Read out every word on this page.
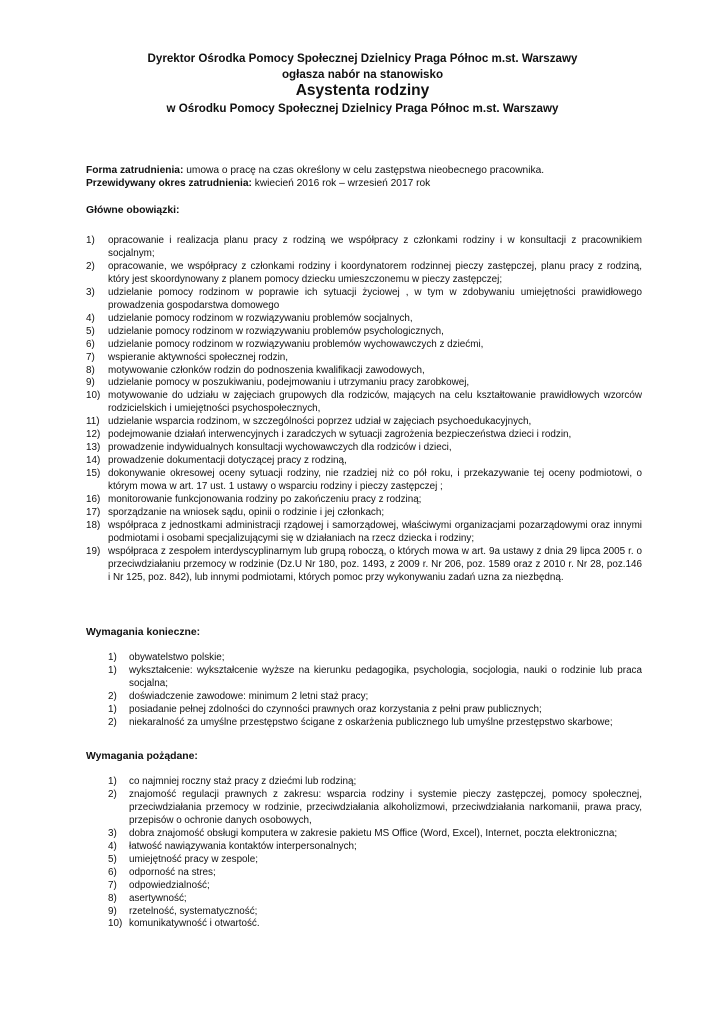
Dyrektor Ośrodka Pomocy Społecznej Dzielnicy Praga Północ m.st. Warszawy
ogłasza nabór na stanowisko
Asystenta rodziny
w Ośrodku Pomocy Społecznej Dzielnicy Praga Północ m.st. Warszawy
Forma zatrudnienia: umowa o pracę na czas określony w celu zastępstwa nieobecnego pracownika.
Przewidywany okres zatrudnienia: kwiecień 2016 rok – wrzesień 2017 rok
Główne obowiązki:
1) opracowanie i realizacja planu pracy z rodziną we współpracy z członkami rodziny i w konsultacji z pracownikiem socjalnym;
2) opracowanie, we współpracy z członkami rodziny i koordynatorem rodzinnej pieczy zastępczej, planu pracy z rodziną, który jest skoordynowany z planem pomocy dziecku umieszczonemu w pieczy zastępczej;
3) udzielanie pomocy rodzinom w poprawie ich sytuacji życiowej , w tym w zdobywaniu umiejętności prawidłowego prowadzenia gospodarstwa domowego
4) udzielanie pomocy rodzinom w rozwiązywaniu problemów socjalnych,
5) udzielanie pomocy rodzinom w rozwiązywaniu problemów psychologicznych,
6) udzielanie pomocy rodzinom w rozwiązywaniu problemów wychowawczych z dziećmi,
7) wspieranie aktywności społecznej rodzin,
8) motywowanie członków rodzin do podnoszenia kwalifikacji zawodowych,
9) udzielanie pomocy w poszukiwaniu, podejmowaniu i utrzymaniu pracy zarobkowej,
10) motywowanie do udziału w zajęciach grupowych dla rodziców, mających na celu kształtowanie prawidłowych wzorców rodzicielskich i umiejętności psychospołecznych,
11) udzielanie wsparcia rodzinom, w szczególności poprzez udział w zajęciach psychoedukacyjnych,
12) podejmowanie działań interwencyjnych i zaradczych w sytuacji zagrożenia bezpieczeństwa dzieci i rodzin,
13) prowadzenie indywidualnych konsultacji wychowawczych dla rodziców i dzieci,
14) prowadzenie dokumentacji dotyczącej pracy z rodziną,
15) dokonywanie okresowej oceny sytuacji rodziny, nie rzadziej niż co pół roku, i przekazywanie tej oceny podmiotowi, o którym mowa w art. 17 ust. 1 ustawy o wsparciu rodziny i pieczy zastępczej ;
16) monitorowanie funkcjonowania rodziny po zakończeniu pracy z rodziną;
17) sporządzanie na wniosek sądu, opinii o rodzinie i jej członkach;
18) współpraca z jednostkami administracji rządowej i samorządowej, właściwymi organizacjami pozarządowymi oraz innymi podmiotami i osobami specjalizującymi się w działaniach na rzecz dziecka i rodziny;
19) współpraca z zespołem interdyscyplinarnym lub grupą roboczą, o których mowa w art. 9a ustawy z dnia 29 lipca 2005 r. o przeciwdziałaniu przemocy w rodzinie (Dz.U Nr 180, poz. 1493, z 2009 r. Nr 206, poz. 1589 oraz z 2010 r. Nr 28, poz.146 i Nr 125, poz. 842), lub innymi podmiotami, których pomoc przy wykonywaniu zadań uzna za niezbędną.
Wymagania konieczne:
1) obywatelstwo polskie;
1) wykształcenie: wykształcenie wyższe na kierunku pedagogika, psychologia, socjologia, nauki o rodzinie lub praca socjalna;
2) doświadczenie zawodowe: minimum 2 letni staż pracy;
1) posiadanie pełnej zdolności do czynności prawnych oraz korzystania z pełni praw publicznych;
2) niekaralność za umyślne przestępstwo ścigane z oskarżenia publicznego lub umyślne przestępstwo skarbowe;
Wymagania pożądane:
1) co najmniej roczny staż pracy z dziećmi lub rodziną;
2) znajomość regulacji prawnych z zakresu: wsparcia rodziny i systemie pieczy zastępczej, pomocy społecznej, przeciwdziałania przemocy w rodzinie, przeciwdziałania alkoholizmowi, przeciwdziałania narkomanii, prawa pracy, przepisów o ochronie danych osobowych,
3) dobra znajomość obsługi komputera w zakresie pakietu MS Office (Word, Excel), Internet, poczta elektroniczna;
4) łatwość nawiązywania kontaktów interpersonalnych;
5) umiejętność pracy w zespole;
6) odporność na stres;
7) odpowiedzialność;
8) asertywność;
9) rzetelność, systematyczność;
10) komunikatywność i otwartość.
